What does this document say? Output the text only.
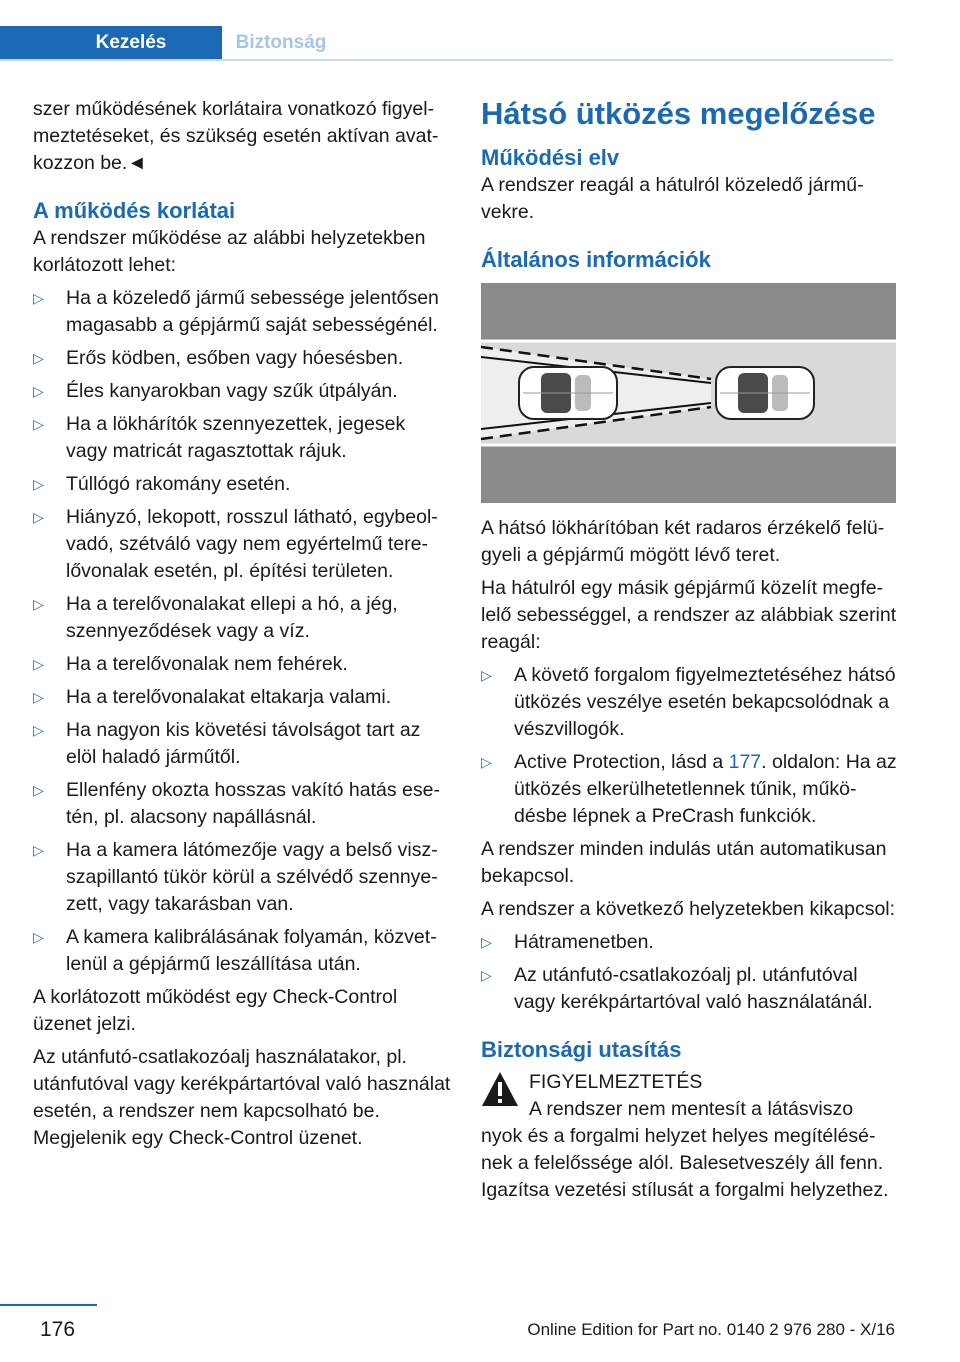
Kezelés	Biztonság

szer működésének korlátaira vonatkozó figyelmeztetéseket, és szükség esetén aktívan avatkozzon be.◄

A működés korlátai

A rendszer működése az alábbi helyzetekben korlátozott lehet:

▷ Ha a közeledő jármű sebessége jelentősen magasabb a gépjármű saját sebességénél.
▷ Erős ködben, esőben vagy hóesésben.
▷ Éles kanyarokban vagy szűk útpályán.
▷ Ha a lökhárítók szennyezettek, jegesek vagy matricát ragasztottak rájuk.
▷ Túllógó rakomány esetén.
▷ Hiányzó, lekopott, rosszul látható, egybeolvadó, szétváló vagy nem egyértelmű terelővonalak esetén, pl. építési területen.
▷ Ha a terelővonalakat ellepi a hó, a jég, szennyeződések vagy a víz.
▷ Ha a terelővonalak nem fehérek.
▷ Ha a terelővonalakat eltakarja valami.
▷ Ha nagyon kis követési távolságot tart az elöl haladó járműtől.
▷ Ellenfény okozta hosszas vakító hatás esetén, pl. alacsony napállásnál.
▷ Ha a kamera látómezője vagy a belső viszszapillantó tükör körül a szélvédő szennyezett, vagy takarásban van.
▷ A kamera kalibrálásának folyamán, közvetlenül a gépjármű leszállítása után.

A korlátozott működést egy Check-Control üzenet jelzi.

Az utánfutó-csatlakozóalj használatakor, pl. utánfutóval vagy kerékpártartóval való használat esetén, a rendszer nem kapcsolható be. Megjelenik egy Check-Control üzenet.

Hátsó ütközés megelőzése
Működési elv

A rendszer reagál a hátulról közeledő járművekre.

Általános információk

A hátsó lökhárítóban két radaros érzékelő felügyeli a gépjármű mögött lévő teret.

Ha hátulról egy másik gépjármű közelít megfelelő sebességgel, a rendszer az alábbiak szerint reagál:

▷ A követő forgalom figyelmeztetéséhez hátsó ütközés veszélye esetén bekapcsolódnak a vészvillogók.
▷ Active Protection, lásd a 177. oldalon: Ha az ütközés elkerülhetetlennek tűnik, működésbe lépnek a PreCrash funkciók.

A rendszer minden indulás után automatikusan bekapcsol.

A rendszer a következő helyzetekben kikapcsol:

▷ Hátramenetben.
▷ Az utánfutó-csatlakozóalj pl. utánfutóval vagy kerékpártartóval való használatánál.
Biztonsági utasítás
FIGYELMEZTETÉS
A rendszer nem mentesít a látásviszo
nyok és a forgalmi helyzet helyes megítélésének a felelőssége alól. Balesetveszély áll fenn. Igazítsa vezetési stílusát a forgalmi helyzethez.
176	Online Edition for Part no. 0140 2 976 280 - X/16
